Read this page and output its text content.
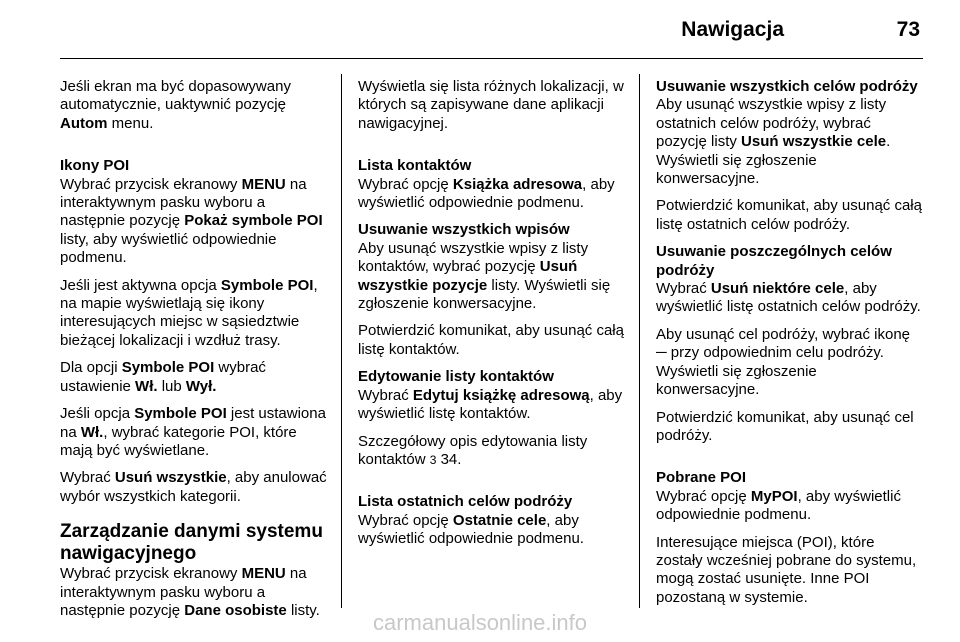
Nawigacja	73

Jeśli ekran ma być dopasowywany automatycznie, uaktywnić pozycję Autom menu.

Ikony POI

Wybrać przycisk ekranowy MENU na interaktywnym pasku wyboru a następnie pozycję Pokaż symbole POI listy, aby wyświetlić odpowiednie podmenu.

Jeśli jest aktywna opcja Symbole POI, na mapie wyświetlają się ikony interesujących miejsc w sąsiedztwie bieżącej lokalizacji i wzdłuż trasy.

Dla opcji Symbole POI wybrać ustawienie Wł. lub Wył.

Jeśli opcja Symbole POI jest ustawiona na Wł., wybrać kategorie POI, które mają być wyświetlane.

Wybrać Usuń wszystkie, aby anulować wybór wszystkich kategorii.

Zarządzanie danymi systemu nawigacyjnego

Wybrać przycisk ekranowy MENU na interaktywnym pasku wyboru a następnie pozycję Dane osobiste listy.

Wyświetla się lista różnych lokalizacji, w których są zapisywane dane aplikacji nawigacyjnej.

Lista kontaktów

Wybrać opcję Książka adresowa, aby wyświetlić odpowiednie podmenu.

Usuwanie wszystkich wpisów

Aby usunąć wszystkie wpisy z listy kontaktów, wybrać pozycję Usuń wszystkie pozycje listy. Wyświetli się zgłoszenie konwersacyjne.

Potwierdzić komunikat, aby usunąć całą listę kontaktów.

Edytowanie listy kontaktów

Wybrać Edytuj książkę adresową, aby wyświetlić listę kontaktów.

Szczegółowy opis edytowania listy kontaktów 3 34.

Lista ostatnich celów podróży

Wybrać opcję Ostatnie cele, aby wyświetlić odpowiednie podmenu.

Usuwanie wszystkich celów podróży

Aby usunąć wszystkie wpisy z listy ostatnich celów podróży, wybrać pozycję listy Usuń wszystkie cele. Wyświetli się zgłoszenie konwersacyjne.

Potwierdzić komunikat, aby usunąć całą listę ostatnich celów podróży.

Usuwanie poszczególnych celów podróży

Wybrać Usuń niektóre cele, aby wyświetlić listę ostatnich celów podróży.

Aby usunąć cel podróży, wybrać ikonę ─ przy odpowiednim celu podróży. Wyświetli się zgłoszenie konwersacyjne.

Potwierdzić komunikat, aby usunąć cel podróży.

Pobrane POI

Wybrać opcję MyPOI, aby wyświetlić odpowiednie podmenu.

Interesujące miejsca (POI), które zostały wcześniej pobrane do systemu, mogą zostać usunięte. Inne POI pozostaną w systemie.

carmanualsonline.info
